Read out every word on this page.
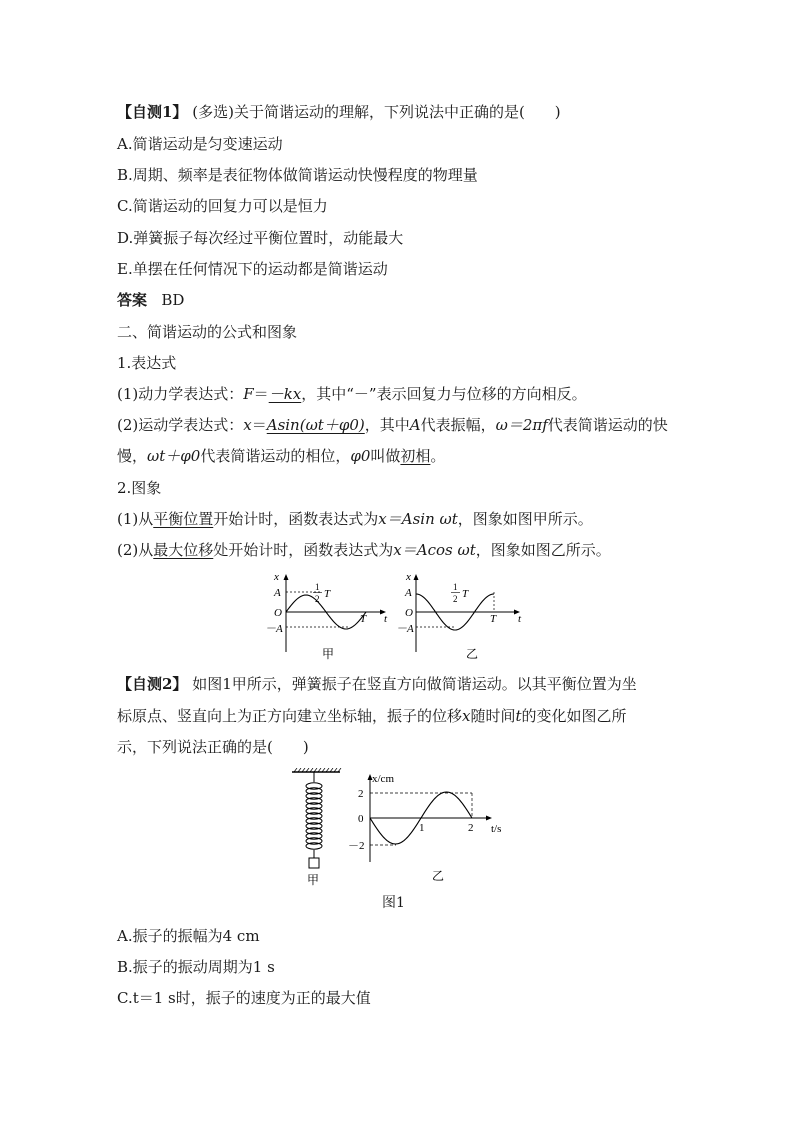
【自测1】 (多选)关于简谐运动的理解，下列说法中正确的是( )
A.简谐运动是匀变速运动
B.周期、频率是表征物体做简谐运动快慢程度的物理量
C.简谐运动的回复力可以是恒力
D.弹簧振子每次经过平衡位置时，动能最大
E.单摆在任何情况下的运动都是简谐运动
答案 BD
二、简谐运动的公式和图象
1.表达式
(1)动力学表达式：F＝－kx，其中“－”表示回复力与位移的方向相反。
(2)运动学表达式：x＝Asin(ωt＋φ0)，其中A代表振幅，ω＝2πf代表简谐运动的快
慢，ωt＋φ0代表简谐运动的相位，φ0叫做初相。
2.图象
(1)从平衡位置开始计时，函数表达式为x＝Asin ωt，图象如图甲所示。
(2)从最大位移处开始计时，函数表达式为x＝Acos ωt，图象如图乙所示。
x
t
A
O
－A
1
2 T
T
甲
x
t
A
O
－A
1
2 T
T
乙
【自测2】 如图1甲所示，弹簧振子在竖直方向做简谐运动。以其平衡位置为坐
标原点、竖直向上为正方向建立坐标轴，振子的位移x随时间t的变化如图乙所
示，下列说法正确的是( )
甲
x/cm
t/s
2
0
－2
1	2
乙
图1
A.振子的振幅为4 cm
B.振子的振动周期为1 s
C.t＝1 s时，振子的速度为正的最大值
